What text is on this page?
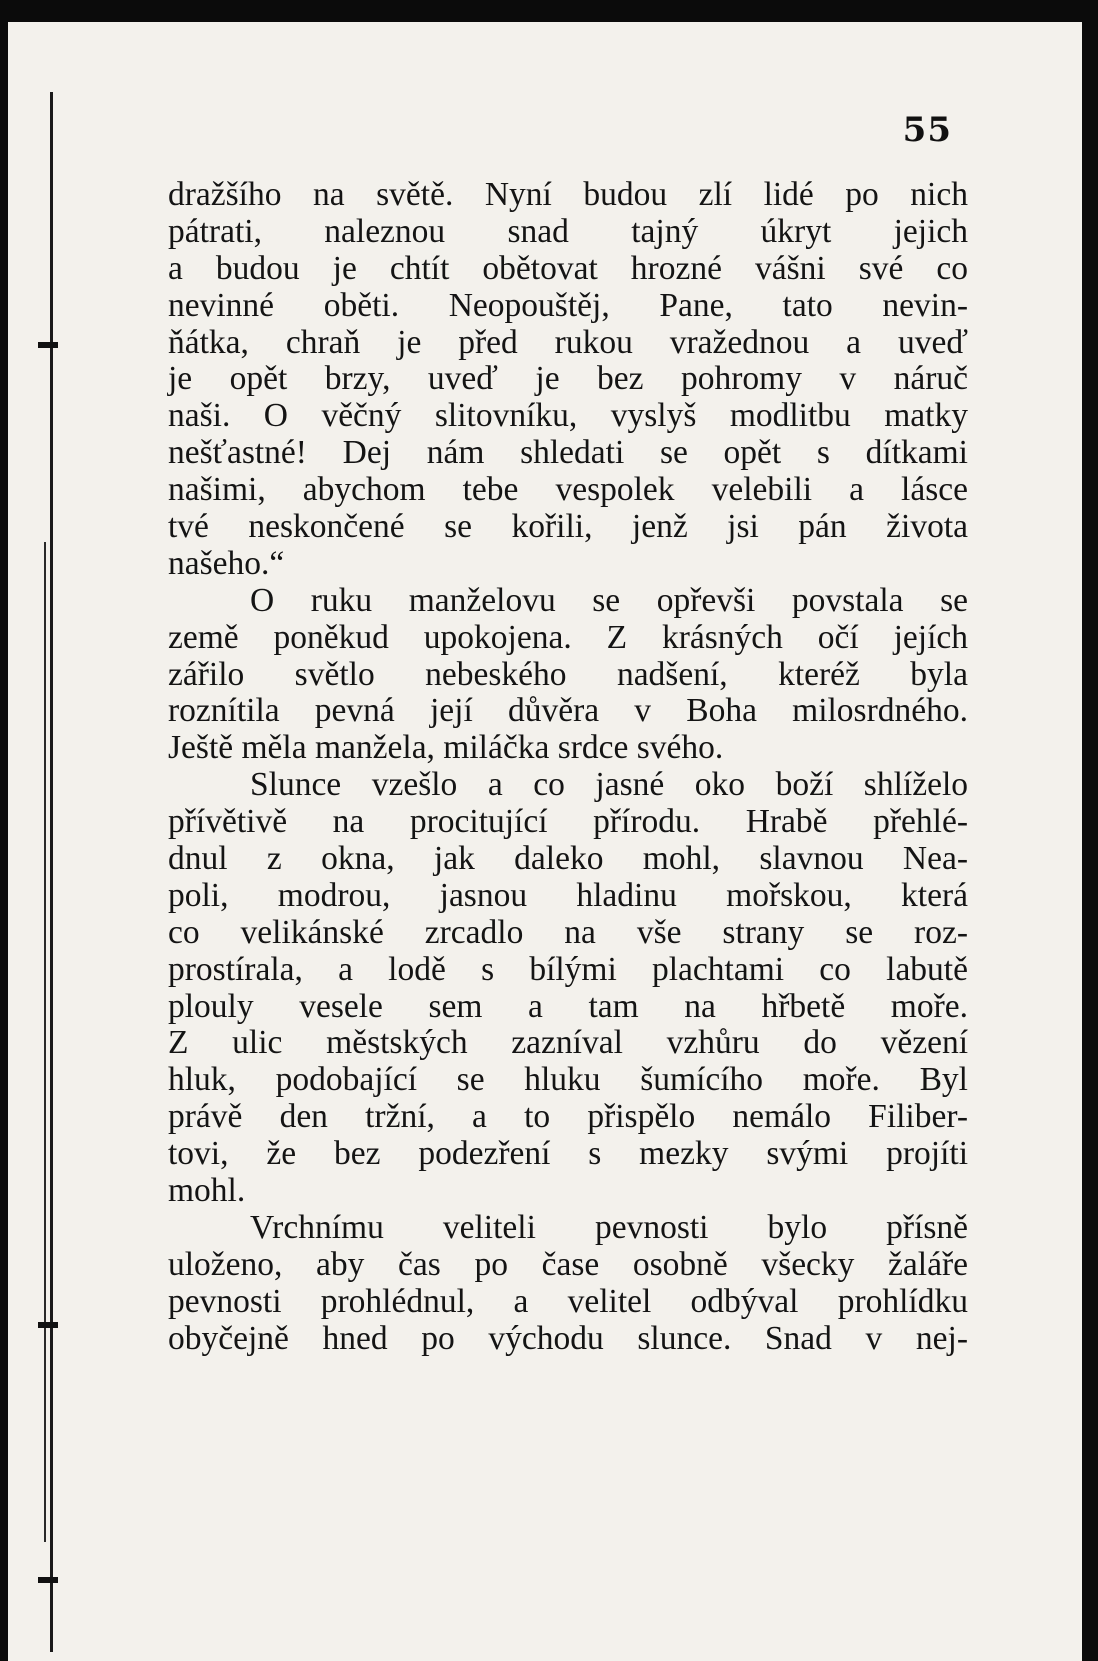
55
dražšího na světě. Nyní budou zlí lidé po nich
pátrati, naleznou snad tajný úkryt jejich
a budou je chtít obětovat hrozné vášni své co
nevinné oběti. Neopouštěj, Pane, tato nevin-
ňátka, chraň je před rukou vražednou a uveď
je opět brzy, uveď je bez pohromy v náruč
naši. O věčný slitovníku, vyslyš modlitbu matky
nešťastné! Dej nám shledati se opět s dítkami
našimi, abychom tebe vespolek velebili a lásce
tvé neskončené se kořili, jenž jsi pán života
našeho.“
O ruku manželovu se opřevši povstala se
země poněkud upokojena. Z krásných očí jejích
zářilo světlo nebeského nadšení, kteréž byla
roznítila pevná její důvěra v Boha milosrdného.
Ještě měla manžela, miláčka srdce svého.
Slunce vzešlo a co jasné oko boží shlíželo
přívětivě na procitující přírodu. Hrabě přehlé-
dnul z okna, jak daleko mohl, slavnou Nea-
poli, modrou, jasnou hladinu mořskou, která
co velikánské zrcadlo na vše strany se roz-
prostírala, a lodě s bílými plachtami co labutě
plouly vesele sem a tam na hřbetě moře.
Z ulic městských zazníval vzhůru do vězení
hluk, podobající se hluku šumícího moře. Byl
právě den tržní, a to přispělo nemálo Filiber-
tovi, že bez podezření s mezky svými projíti
mohl.
Vrchnímu veliteli pevnosti bylo přísně
uloženo, aby čas po čase osobně všecky žaláře
pevnosti prohlédnul, a velitel odbýval prohlídku
obyčejně hned po východu slunce. Snad v nej-
